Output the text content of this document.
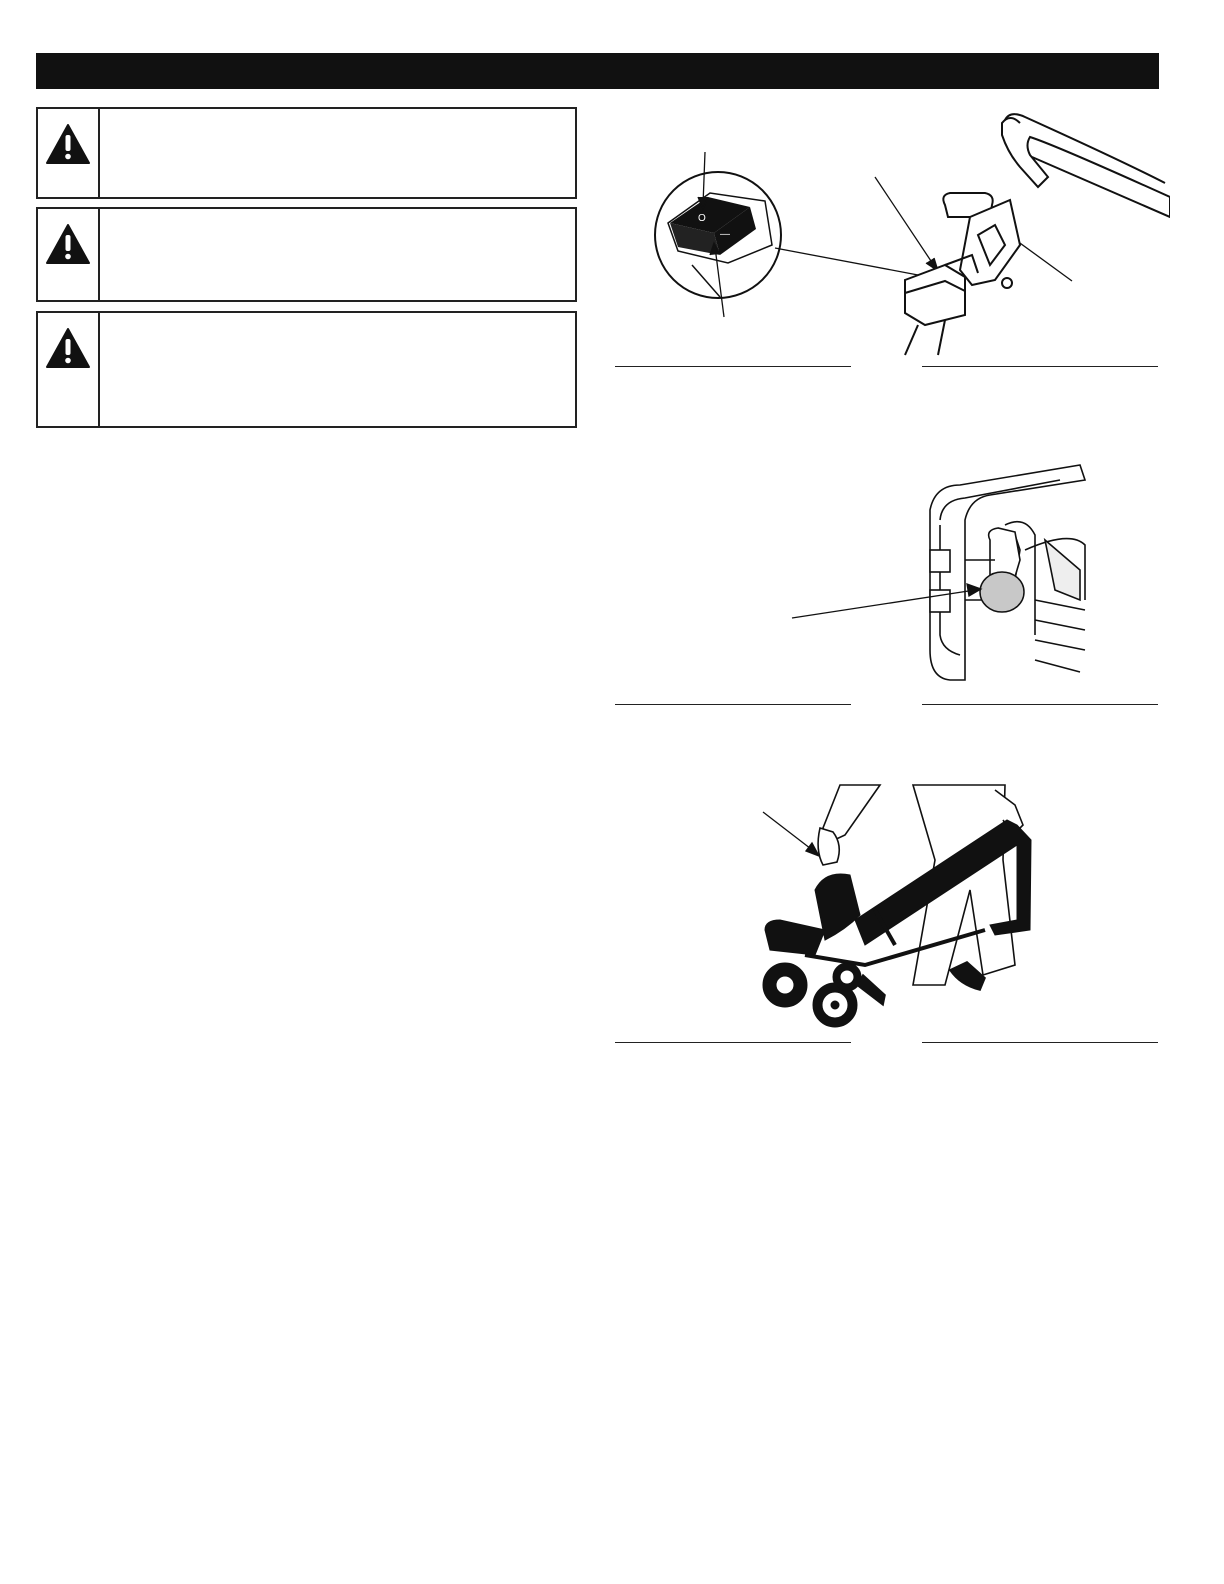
O
—
